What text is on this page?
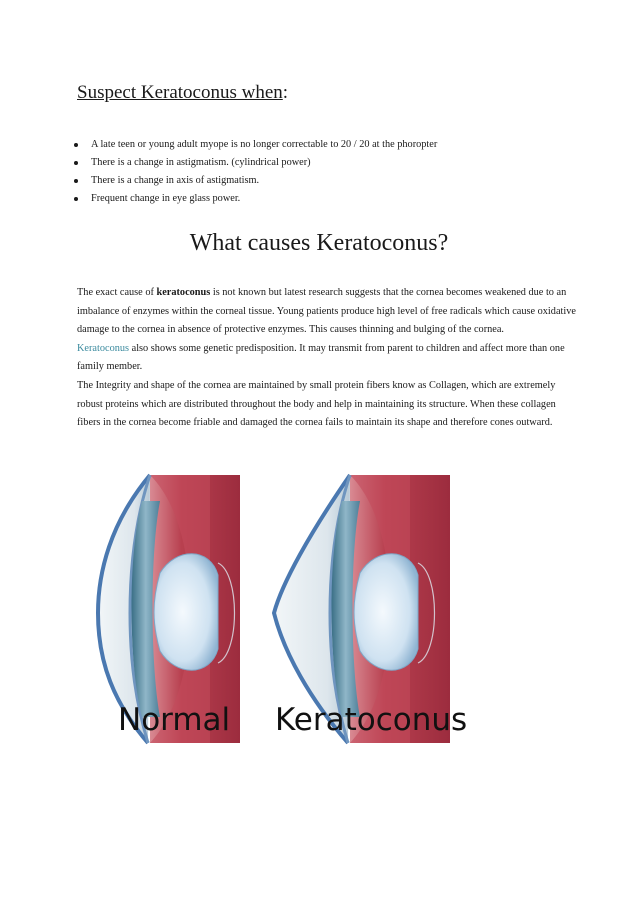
Suspect Keratoconus when:
A late teen or young adult myope is no longer correctable to 20 / 20 at the phoropter
There is a change in astigmatism. (cylindrical power)
There is a change in axis of astigmatism.
Frequent change in eye glass power.
What causes Keratoconus?

The exact cause of keratoconus is not known but latest research suggests that the cornea becomes weakened due to an imbalance of enzymes within the corneal tissue. Young patients produce high level of free radicals which cause oxidative damage to the cornea in absence of protective enzymes. This causes thinning and bulging of the cornea.

Keratoconus also shows some genetic predisposition. It may transmit from parent to children and affect more than one family member.

The Integrity and shape of the cornea are maintained by small protein fibers know as Collagen, which are extremely robust proteins which are distributed throughout the body and help in maintaining its structure. When these collagen fibers in the cornea become friable and damaged the cornea fails to maintain its shape and therefore cones outward.

Normal Keratoconus
